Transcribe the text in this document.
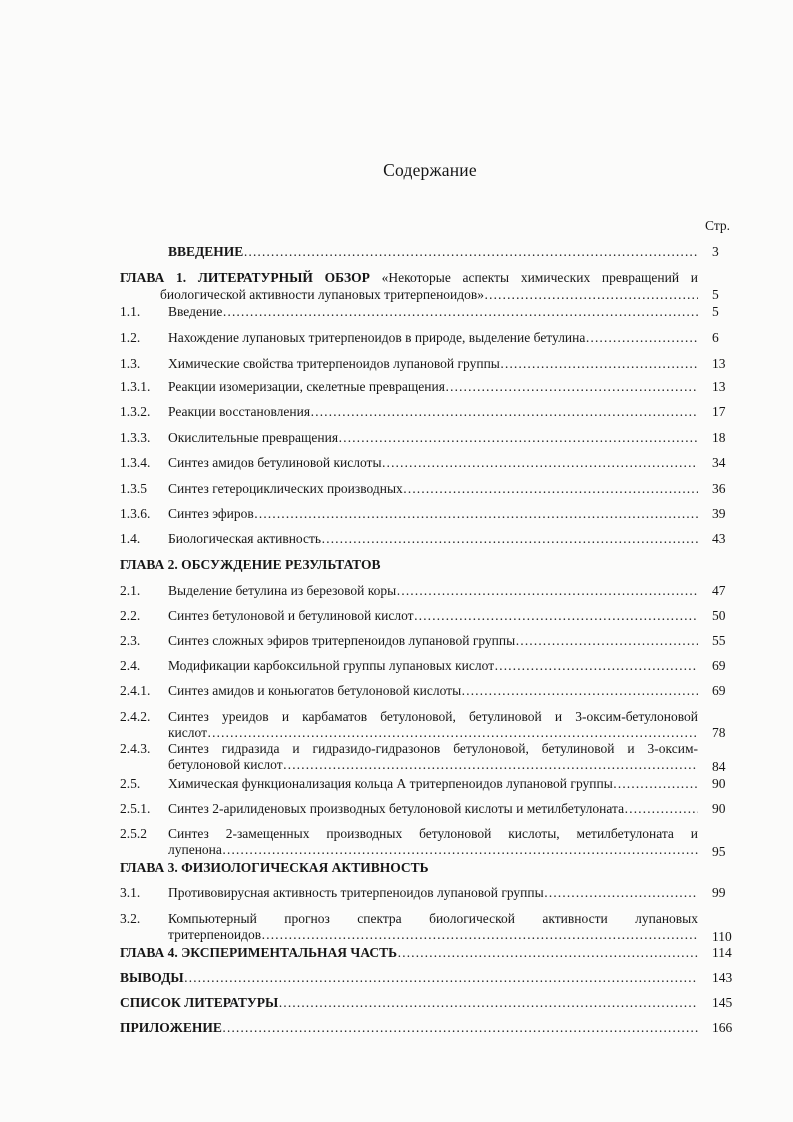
Содержание
Стр.
ВВЕДЕНИЕ …………………………………………………………………………………………………………………………………………………………………………………	3
ГЛАВА 1. ЛИТЕРАТУРНЫЙ ОБЗОР «Некоторые аспекты химических превращений и
биологической активности лупановых тритерпеноидов» …………………………………………………………………………………………………………………………………………………………………………………	5
1.1. Введение …………………………………………………………………………………………………………………………………………………………………………………	5
1.2. Нахождение лупановых тритерпеноидов в природе, выделение бетулина …………………………………………………………………………………………………………………………………………………………………………………	6
1.3. Химические свойства тритерпеноидов лупановой группы …………………………………………………………………………………………………………………………………………………………………………………	13
1.3.1. Реакции изомеризации, скелетные превращения …………………………………………………………………………………………………………………………………………………………………………………	13
1.3.2. Реакции восстановления …………………………………………………………………………………………………………………………………………………………………………………	17
1.3.3. Окислительные превращения …………………………………………………………………………………………………………………………………………………………………………………	18
1.3.4. Синтез амидов бетулиновой кислоты …………………………………………………………………………………………………………………………………………………………………………………	34
1.3.5 Синтез гетероциклических производных …………………………………………………………………………………………………………………………………………………………………………………	36
1.3.6. Синтез эфиров …………………………………………………………………………………………………………………………………………………………………………………	39
1.4. Биологическая активность …………………………………………………………………………………………………………………………………………………………………………………	43
ГЛАВА 2. ОБСУЖДЕНИЕ РЕЗУЛЬТАТОВ
2.1. Выделение бетулина из березовой коры …………………………………………………………………………………………………………………………………………………………………………………	47
2.2. Синтез бетулоновой и бетулиновой кислот …………………………………………………………………………………………………………………………………………………………………………………	50
2.3. Синтез сложных эфиров тритерпеноидов лупановой группы …………………………………………………………………………………………………………………………………………………………………………………	55
2.4. Модификации карбоксильной группы лупановых кислот …………………………………………………………………………………………………………………………………………………………………………………	69
2.4.1. Синтез амидов и коньюгатов бетулоновой кислоты …………………………………………………………………………………………………………………………………………………………………………………	69
2.4.2. Синтез уреидов и карбаматов бетулоновой, бетулиновой и 3-оксим-бетулоновой
кислот …………………………………………………………………………………………………………………………………………………………………………………	78
2.4.3. Синтез гидразида и гидразидо-гидразонов бетулоновой, бетулиновой и 3-оксим-
бетулоновой кислот …………………………………………………………………………………………………………………………………………………………………………………	84
2.5. Химическая функционализация кольца А тритерпеноидов лупановой группы …………………………………………………………………………………………………………………………………………………………………………………	90
2.5.1. Синтез 2-арилиденовых производных бетулоновой кислоты и метилбетулоната …………………………………………………………………………………………………………………………………………………………………………………	90
2.5.2 Синтез 2-замещенных производных бетулоновой кислоты, метилбетулоната и
лупенона …………………………………………………………………………………………………………………………………………………………………………………	95
ГЛАВА 3. ФИЗИОЛОГИЧЕСКАЯ АКТИВНОСТЬ
3.1. Противовирусная активность тритерпеноидов лупановой группы …………………………………………………………………………………………………………………………………………………………………………………	99
3.2. Компьютерный прогноз спектра биологической активности лупановых
тритерпеноидов …………………………………………………………………………………………………………………………………………………………………………………	110
ГЛАВА 4. ЭКСПЕРИМЕНТАЛЬНАЯ ЧАСТЬ …………………………………………………………………………………………………………………………………………………………………………………	114
ВЫВОДЫ …………………………………………………………………………………………………………………………………………………………………………………	143
СПИСОК ЛИТЕРАТУРЫ …………………………………………………………………………………………………………………………………………………………………………………	145
ПРИЛОЖЕНИЕ …………………………………………………………………………………………………………………………………………………………………………………	166
